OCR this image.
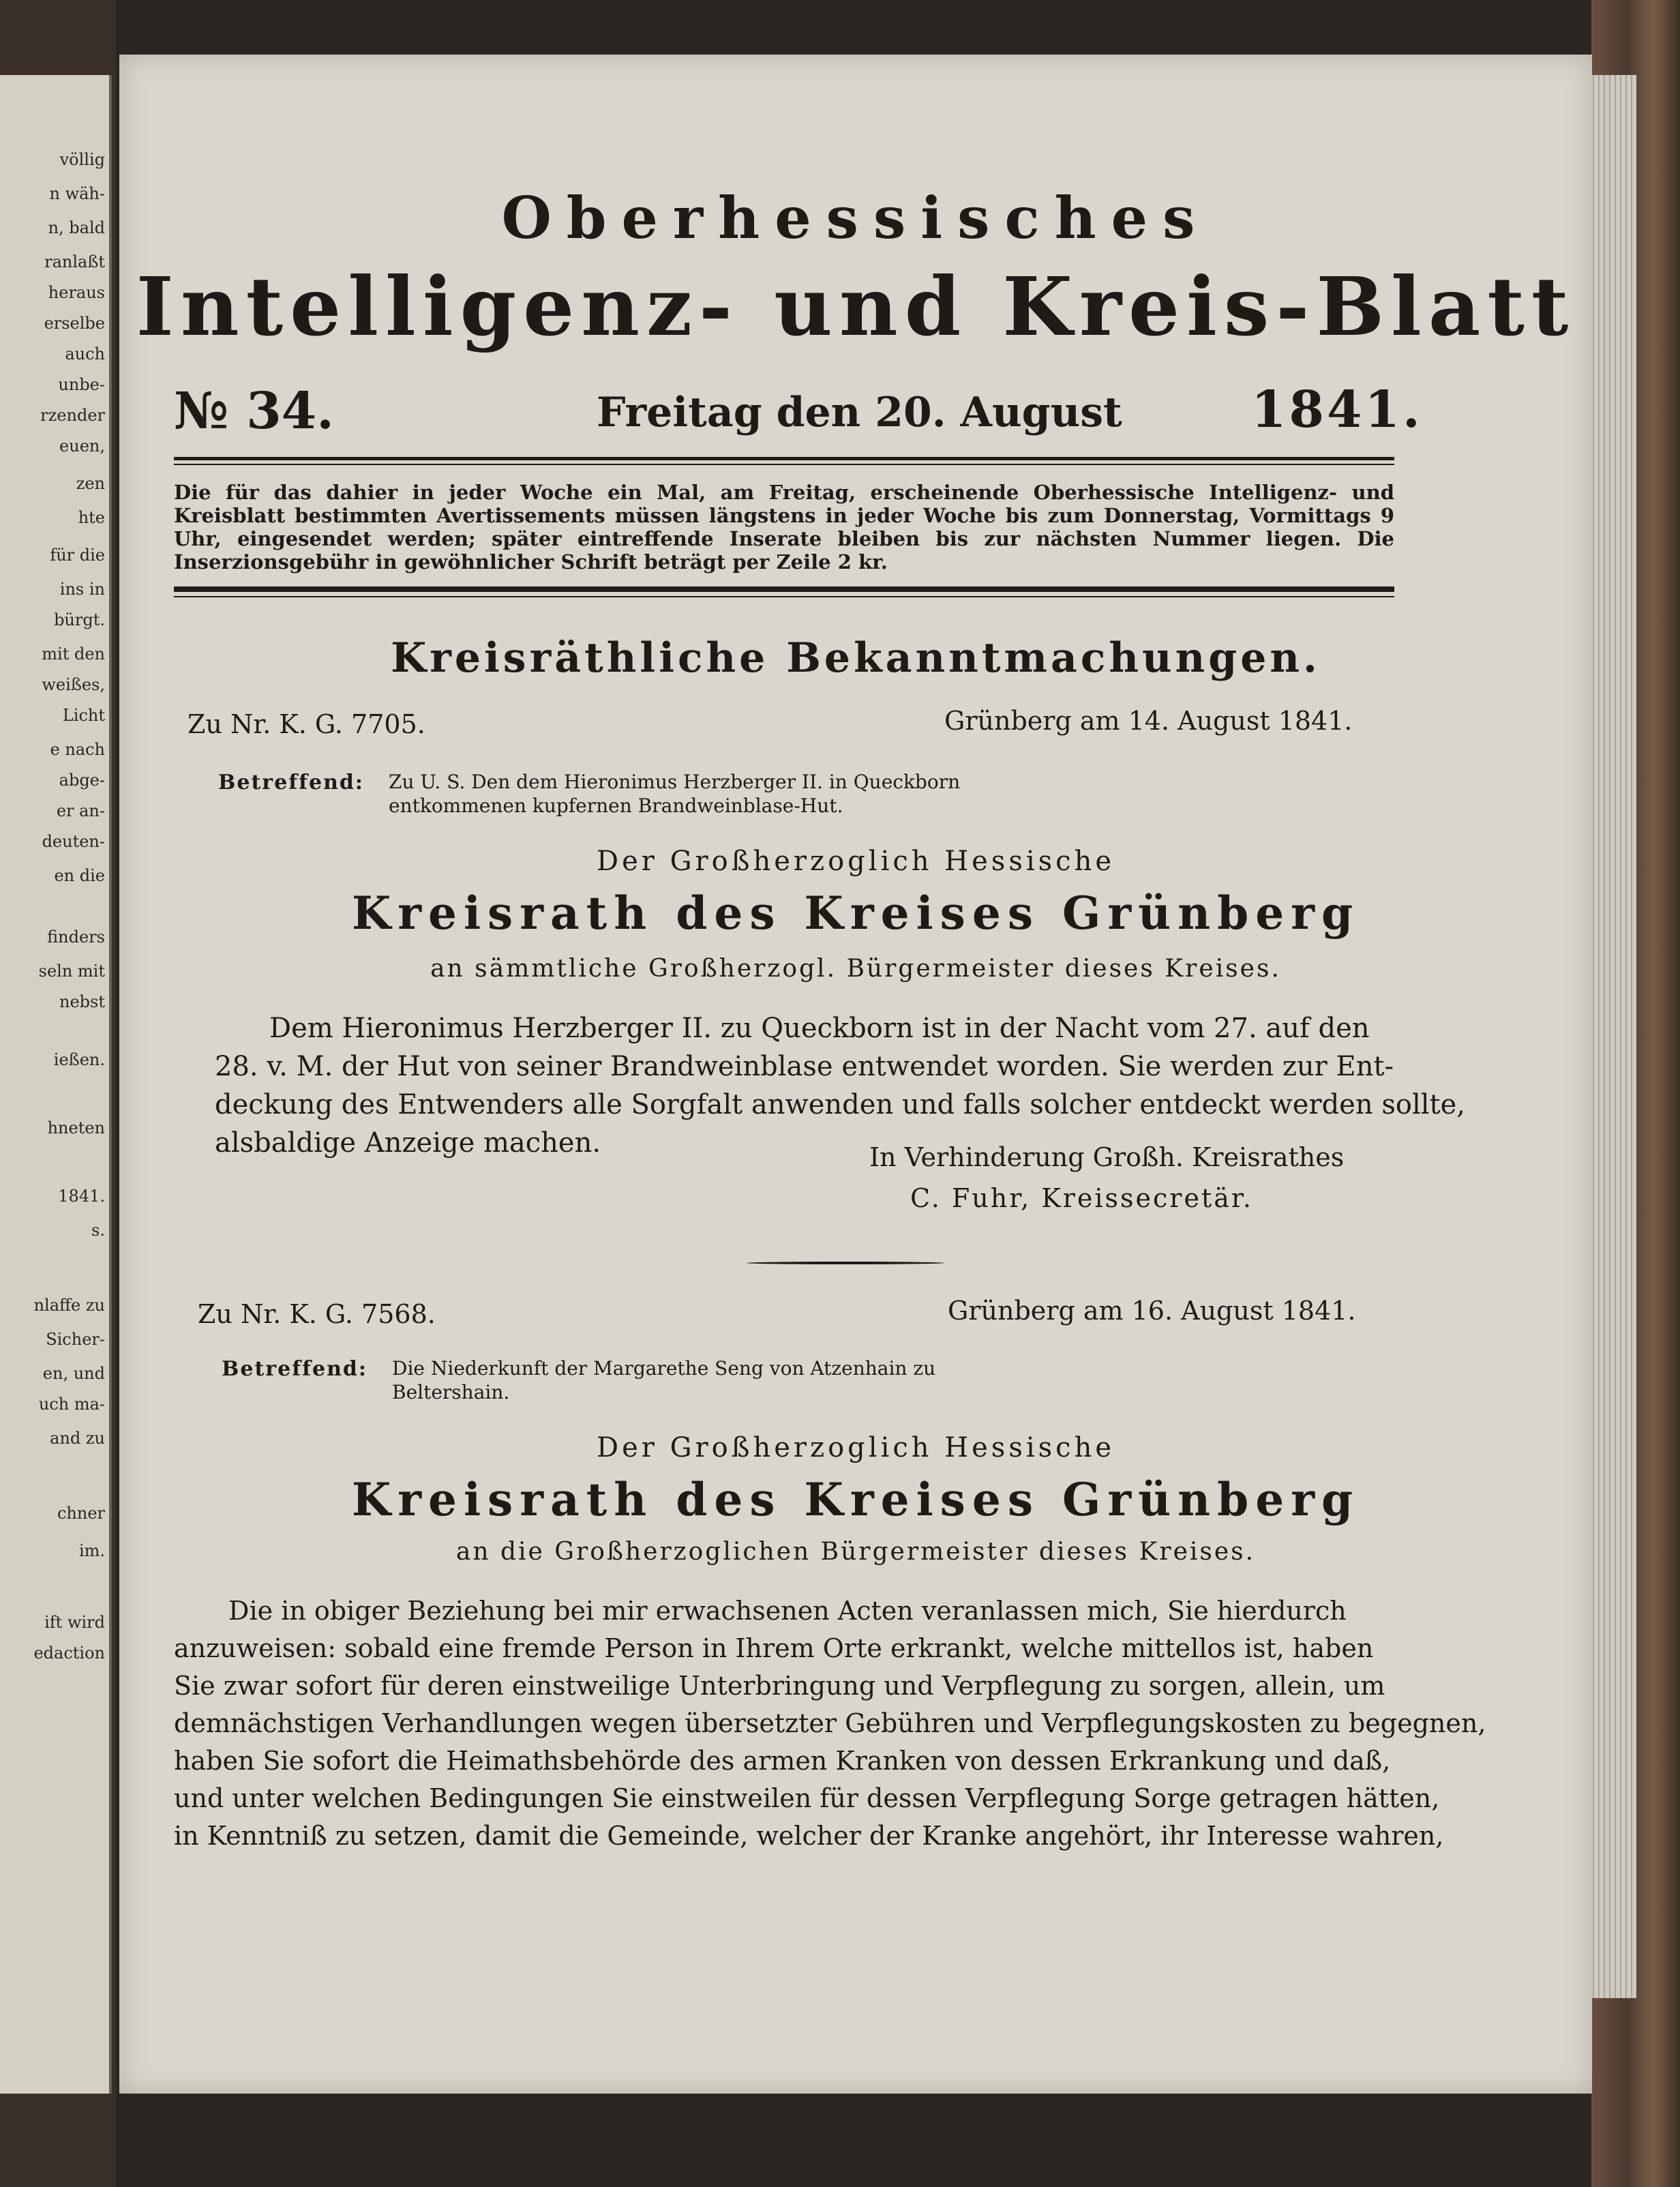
völlig
n wäh-
n, bald
ranlaßt
heraus
erselbe
auch
unbe-
rzender
euen,
zen
hte
für die
ins in
bürgt.
mit den
weißes,
Licht
e nach
abge-
er an-
deuten-
en die
finders
seln mit
nebst
ießen.
hneten
1841.
s.
nlaffe zu
Sicher-
en, und
uch ma-
and zu
chner
im.
ift wird
edaction
Oberhessisches
Intelligenz- und Kreis-Blatt
№ 34.	Freitag den 20. August	1841.
Die für das dahier in jeder Woche ein Mal, am Freitag, erscheinende Oberhessische Intelligenz- und Kreisblatt bestimmten Avertissements müssen längstens in jeder Woche bis zum Donnerstag, Vormittags 9 Uhr, eingesendet werden; später eintreffende Inserate bleiben bis zur nächsten Nummer liegen. Die Inserzionsgebühr in gewöhnlicher Schrift beträgt per Zeile 2 kr.
Kreisräthliche Bekanntmachungen.
Zu Nr. K. G. 7705.	Grünberg am 14. August 1841.
Betreffend: Zu U. S. Den dem Hieronimus Herzberger II. in Queckborn
entkommenen kupfernen Brandweinblase-Hut.
Der Großherzoglich Hessische
Kreisrath des Kreises Grünberg
an sämmtliche Großherzogl. Bürgermeister dieses Kreises.
Dem Hieronimus Herzberger II. zu Queckborn ist in der Nacht vom 27. auf den
28. v. M. der Hut von seiner Brandweinblase entwendet worden. Sie werden zur Ent-
deckung des Entwenders alle Sorgfalt anwenden und falls solcher entdeckt werden sollte,
alsbaldige Anzeige machen.	In Verhinderung Großh. Kreisrathes
C. Fuhr, Kreissecretär.
Zu Nr. K. G. 7568.	Grünberg am 16. August 1841.
Betreffend: Die Niederkunft der Margarethe Seng von Atzenhain zu
Beltershain.
Der Großherzoglich Hessische
Kreisrath des Kreises Grünberg
an die Großherzoglichen Bürgermeister dieses Kreises.
Die in obiger Beziehung bei mir erwachsenen Acten veranlassen mich, Sie hierdurch
anzuweisen: sobald eine fremde Person in Ihrem Orte erkrankt, welche mittellos ist, haben
Sie zwar sofort für deren einstweilige Unterbringung und Verpflegung zu sorgen, allein, um
demnächstigen Verhandlungen wegen übersetzter Gebühren und Verpflegungskosten zu begegnen,
haben Sie sofort die Heimathsbehörde des armen Kranken von dessen Erkrankung und daß,
und unter welchen Bedingungen Sie einstweilen für dessen Verpflegung Sorge getragen hätten,
in Kenntniß zu setzen, damit die Gemeinde, welcher der Kranke angehört, ihr Interesse wahren,
